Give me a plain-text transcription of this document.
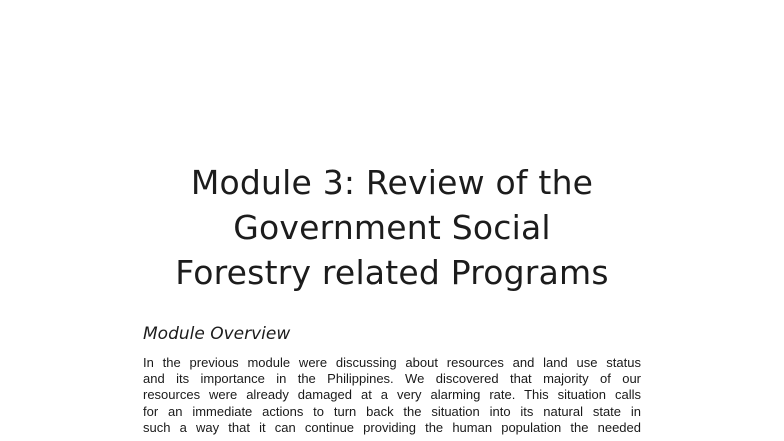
Module 3: Review of the
Government Social
Forestry related Programs
Module Overview
In the previous module were discussing about resources and land use status
and its importance in the Philippines. We discovered that majority of our
resources were already damaged at a very alarming rate. This situation calls
for an immediate actions to turn back the situation into its natural state in
such a way that it can continue providing the human population the needed
